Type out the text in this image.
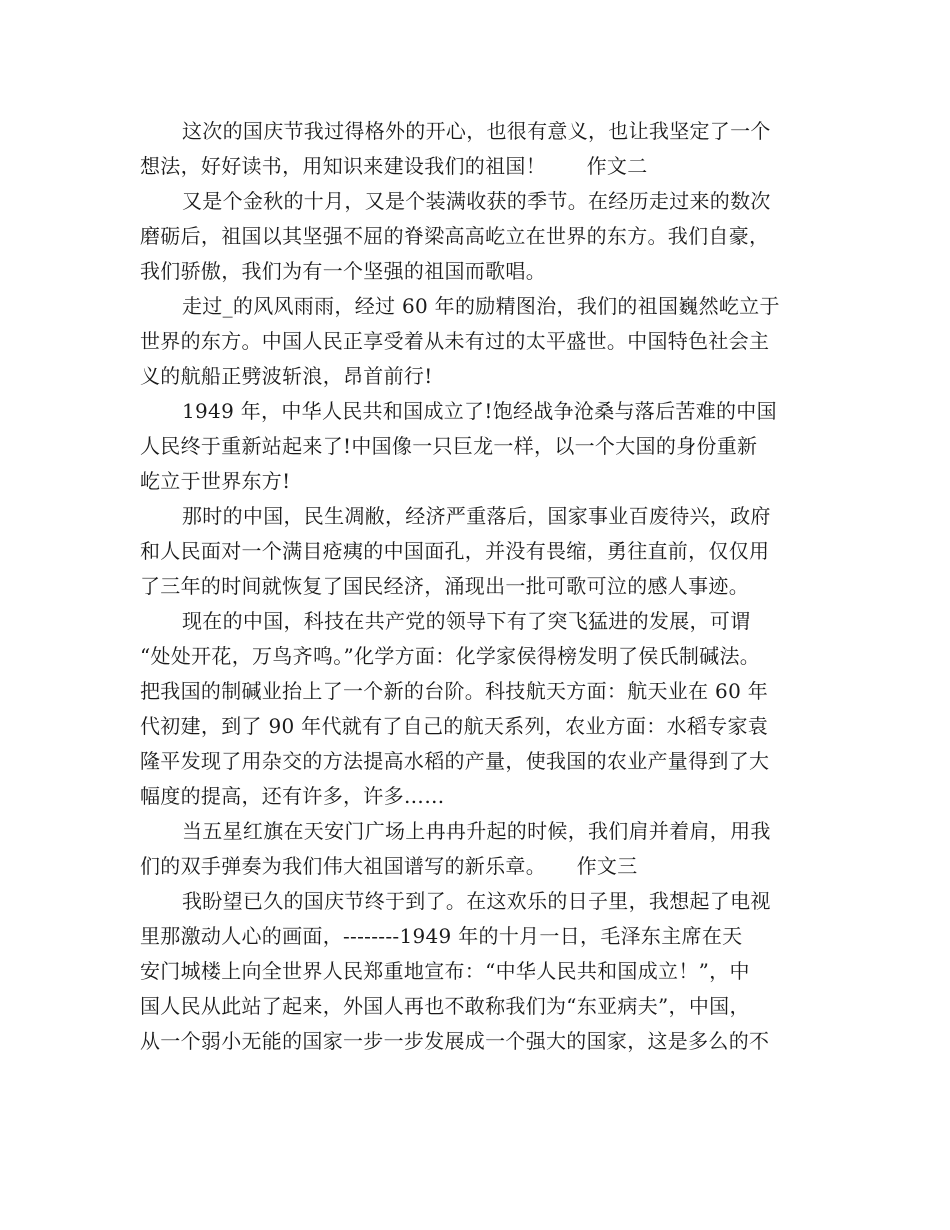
这次的国庆节我过得格外的开心，也很有意义，也让我坚定了一个
想法，好好读书，用知识来建设我们的祖国！　　作文二
又是个金秋的十月，又是个装满收获的季节。在经历走过来的数次
磨砺后，祖国以其坚强不屈的脊梁高高屹立在世界的东方。我们自豪，
我们骄傲，我们为有一个坚强的祖国而歌唱。
走过_的风风雨雨，经过 60 年的励精图治，我们的祖国巍然屹立于
世界的东方。中国人民正享受着从未有过的太平盛世。中国特色社会主
义的航船正劈波斩浪，昂首前行!
1949 年，中华人民共和国成立了!饱经战争沧桑与落后苦难的中国
人民终于重新站起来了!中国像一只巨龙一样，以一个大国的身份重新
屹立于世界东方!
那时的中国，民生凋敝，经济严重落后，国家事业百废待兴，政府
和人民面对一个满目疮痍的中国面孔，并没有畏缩，勇往直前，仅仅用
了三年的时间就恢复了国民经济，涌现出一批可歌可泣的感人事迹。
现在的中国，科技在共产党的领导下有了突飞猛进的发展，可谓
“处处开花，万鸟齐鸣。”化学方面：化学家侯得榜发明了侯氏制碱法。
把我国的制碱业抬上了一个新的台阶。科技航天方面：航天业在 60 年
代初建，到了 90 年代就有了自己的航天系列，农业方面：水稻专家袁
隆平发现了用杂交的方法提高水稻的产量，使我国的农业产量得到了大
幅度的提高，还有许多，许多……
当五星红旗在天安门广场上冉冉升起的时候，我们肩并着肩，用我
们的双手弹奏为我们伟大祖国谱写的新乐章。　　作文三
我盼望已久的国庆节终于到了。在这欢乐的日子里，我想起了电视
里那激动人心的画面，--------1949 年的十月一日，毛泽东主席在天
安门城楼上向全世界人民郑重地宣布：“中华人民共和国成立！”，中
国人民从此站了起来，外国人再也不敢称我们为“东亚病夫”，中国，
从一个弱小无能的国家一步一步发展成一个强大的国家，这是多么的不
